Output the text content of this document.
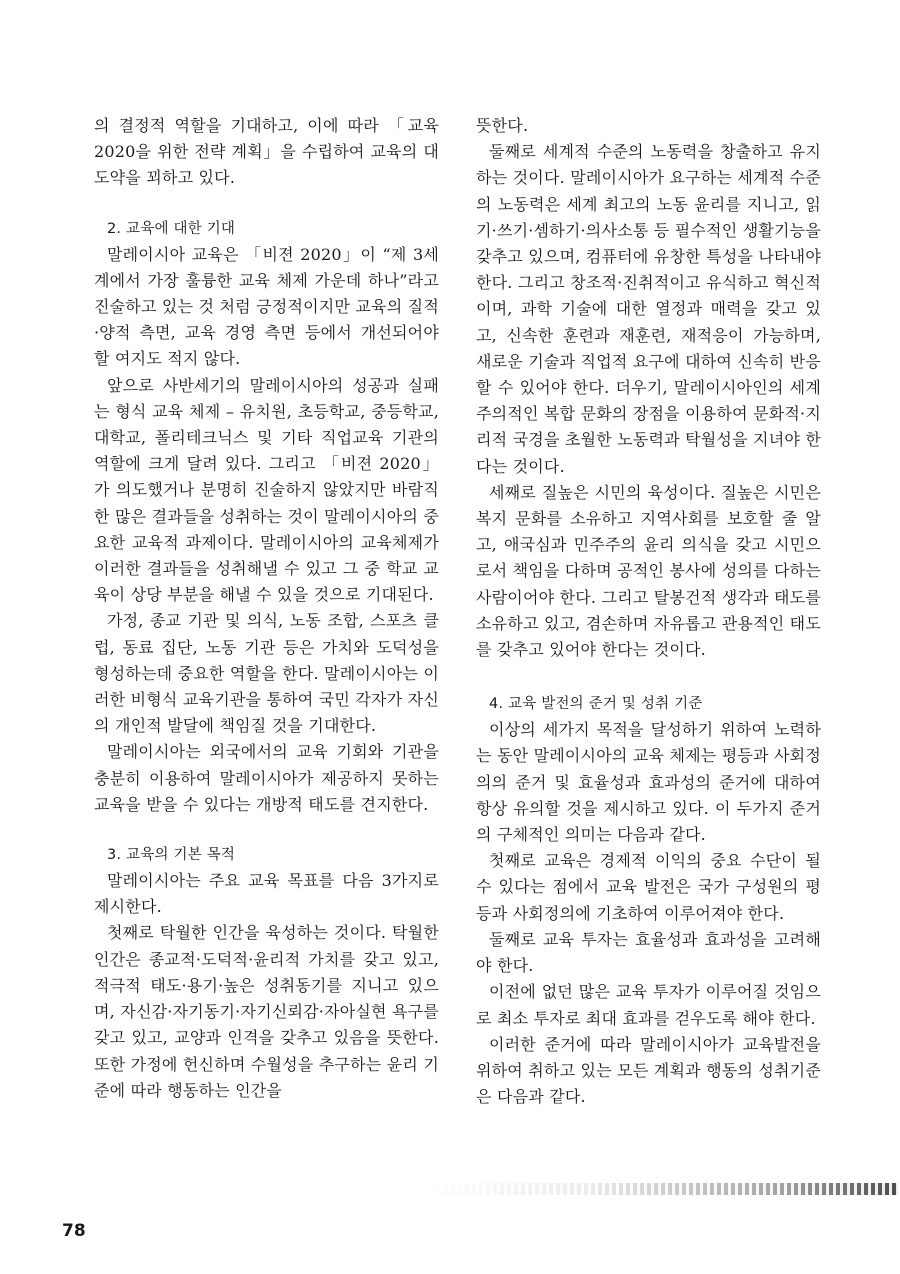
의 결정적 역할을 기대하고, 이에 따라 「교육 2020을 위한 전략 계획」을 수립하여 교육의 대도약을 꾀하고 있다.

2. 교육에 대한 기대

말레이시아 교육은 「비젼 2020」이 “제 3세계에서 가장 훌륭한 교육 체제 가운데 하나”라고 진술하고 있는 것 처럼 긍정적이지만 교육의 질적·양적 측면, 교육 경영 측면 등에서 개선되어야 할 여지도 적지 않다.

앞으로 사반세기의 말레이시아의 성공과 실패는 형식 교육 체제 – 유치원, 초등학교, 중등학교, 대학교, 폴리테크닉스 및 기타 직업교육 기관의 역할에 크게 달려 있다. 그리고 「비젼 2020」가 의도했거나 분명히 진술하지 않았지만 바람직한 많은 결과들을 성취하는 것이 말레이시아의 중요한 교육적 과제이다. 말레이시아의 교육체제가 이러한 결과들을 성취해낼 수 있고 그 중 학교 교육이 상당 부분을 해낼 수 있을 것으로 기대된다.

가정, 종교 기관 및 의식, 노동 조합, 스포츠 클럽, 동료 집단, 노동 기관 등은 가치와 도덕성을 형성하는데 중요한 역할을 한다. 말레이시아는 이러한 비형식 교육기관을 통하여 국민 각자가 자신의 개인적 발달에 책임질 것을 기대한다.

말레이시아는 외국에서의 교육 기회와 기관을 충분히 이용하여 말레이시아가 제공하지 못하는 교육을 받을 수 있다는 개방적 태도를 견지한다.

3. 교육의 기본 목적

말레이시아는 주요 교육 목표를 다음 3가지로 제시한다.

첫째로 탁월한 인간을 육성하는 것이다. 탁월한 인간은 종교적·도덕적·윤리적 가치를 갖고 있고, 적극적 태도·용기·높은 성취동기를 지니고 있으며, 자신감·자기동기·자기신뢰감·자아실현 욕구를 갖고 있고, 교양과 인격을 갖추고 있음을 뜻한다. 또한 가정에 헌신하며 수월성을 추구하는 윤리 기준에 따라 행동하는 인간을

뜻한다.

둘째로 세계적 수준의 노동력을 창출하고 유지하는 것이다. 말레이시아가 요구하는 세계적 수준의 노동력은 세계 최고의 노동 윤리를 지니고, 읽기·쓰기·셈하기·의사소통 등 필수적인 생활기능을 갖추고 있으며, 컴퓨터에 유창한 특성을 나타내야 한다. 그리고 창조적·진취적이고 유식하고 혁신적이며, 과학 기술에 대한 열정과 매력을 갖고 있고, 신속한 훈련과 재훈련, 재적응이 가능하며, 새로운 기술과 직업적 요구에 대하여 신속히 반응할 수 있어야 한다. 더우기, 말레이시아인의 세계주의적인 복합 문화의 장점을 이용하여 문화적·지리적 국경을 초월한 노동력과 탁월성을 지녀야 한다는 것이다.

세째로 질높은 시민의 육성이다. 질높은 시민은 복지 문화를 소유하고 지역사회를 보호할 줄 알고, 애국심과 민주주의 윤리 의식을 갖고 시민으로서 책임을 다하며 공적인 봉사에 성의를 다하는 사람이어야 한다. 그리고 탈봉건적 생각과 태도를 소유하고 있고, 겸손하며 자유롭고 관용적인 태도를 갖추고 있어야 한다는 것이다.

4. 교육 발전의 준거 및 성취 기준

이상의 세가지 목적을 달성하기 위하여 노력하는 동안 말레이시아의 교육 체제는 평등과 사회정의의 준거 및 효율성과 효과성의 준거에 대하여 항상 유의할 것을 제시하고 있다. 이 두가지 준거의 구체적인 의미는 다음과 같다.

첫째로 교육은 경제적 이익의 중요 수단이 될 수 있다는 점에서 교육 발전은 국가 구성원의 평등과 사회정의에 기초하여 이루어져야 한다.

둘째로 교육 투자는 효율성과 효과성을 고려해야 한다.

이전에 없던 많은 교육 투자가 이루어질 것임으로 최소 투자로 최대 효과를 걷우도록 해야 한다.

이러한 준거에 따라 말레이시아가 교육발전을 위하여 취하고 있는 모든 계획과 행동의 성취기준은 다음과 같다.

78
